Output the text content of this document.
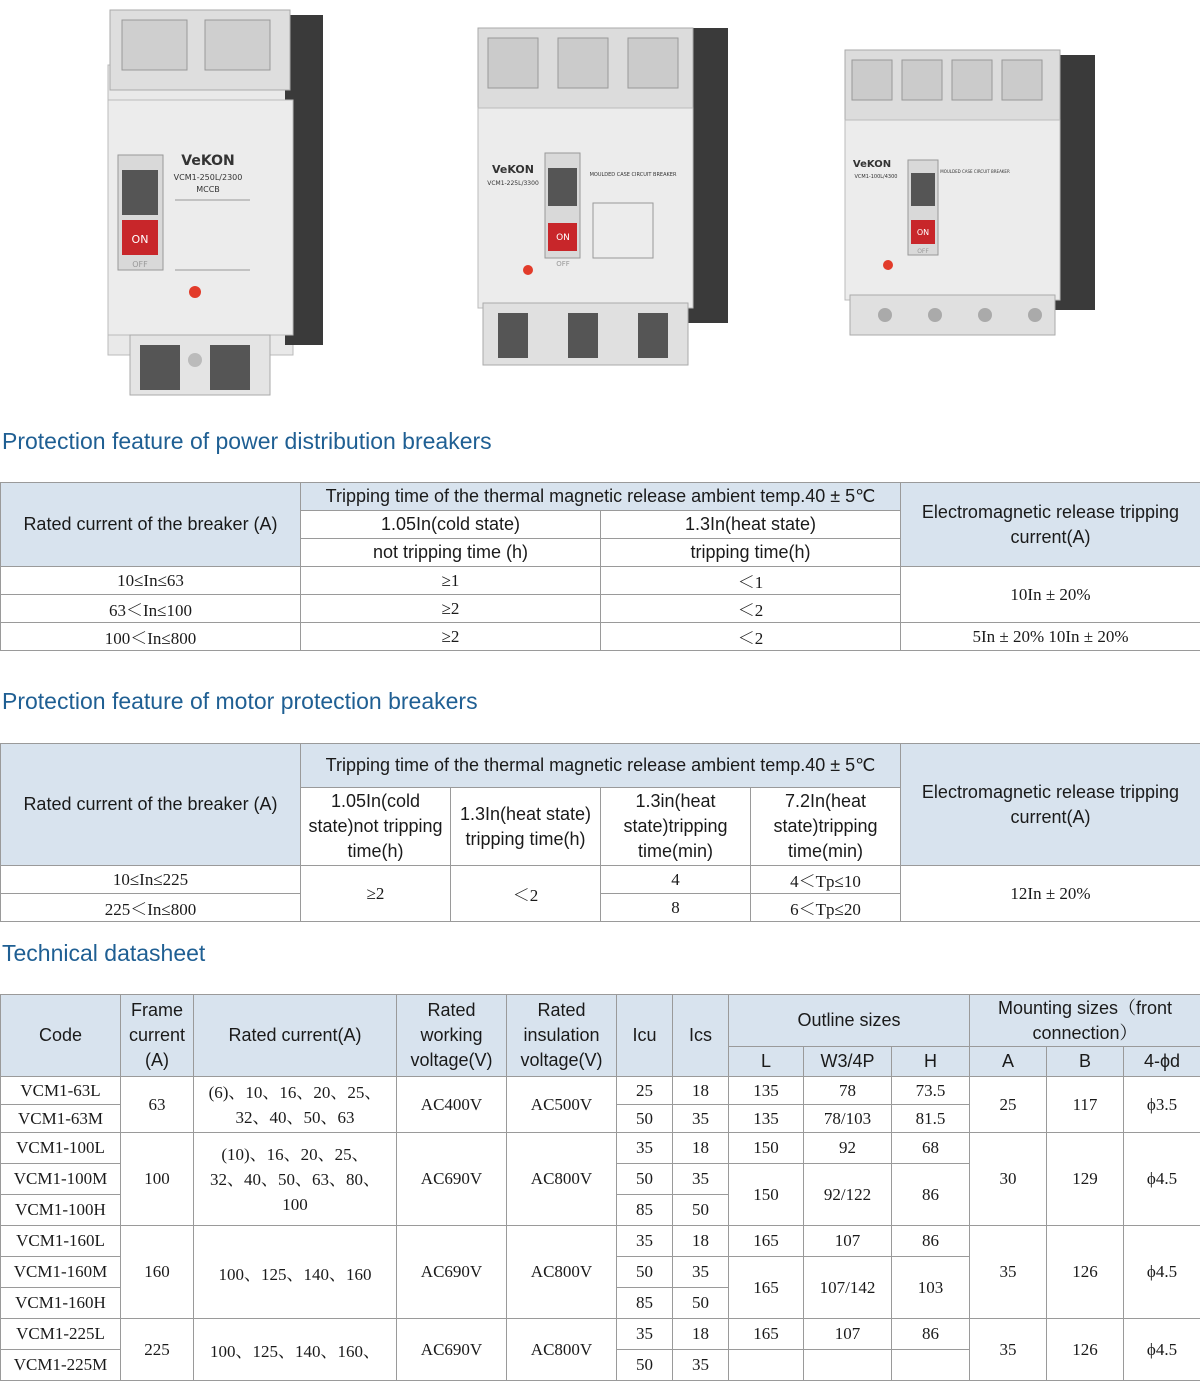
ON
OFF
VeKON
VCM1-250L/2300
MCCB
ON
OFF
VeKON
VCM1-225L/3300
MOULDED CASE CIRCUIT BREAKER
ON
OFF
VeKON
VCM1-100L/4300
MOULDED CASE CIRCUIT BREAKER
Protection feature of power distribution breakers
Rated current of the breaker (A)	Tripping time of the thermal magnetic release ambient temp.40 ± 5℃		Electromagnetic release tripping current(A)
	1.05In(cold state)	1.3In(heat state)	
	not tripping time (h)	tripping time(h)	
10≤In≤63	≥1	＜1	10In ± 20%
63＜In≤100	≥2	＜2	
100＜In≤800	≥2	＜2	5In ± 20% 10In ± 20%
Protection feature of motor protection breakers
Rated current of the breaker (A)	Tripping time of the thermal magnetic release ambient temp.40 ± 5℃				Electromagnetic release tripping current(A)
	1.05In(cold state)not tripping time(h)	1.3In(heat state) tripping time(h)	1.3in(heat state)tripping time(min)	7.2In(heat state)tripping time(min)	
10≤In≤225	≥2	＜2	4	4＜Tp≤10	12In ± 20%
225＜In≤800			8	6＜Tp≤20	
Technical datasheet
Code	Frame current (A)	Rated current(A)	Rated working voltage(V)	Rated insulation voltage(V)	Icu	Ics	Outline sizes			Mounting sizes（front connection）		
							L	W3/4P	H	A	B	4-ϕd
VCM1-63L	63	(6)、10、16、20、25、32、40、50、63	AC400V	AC500V	25	18	135	78	73.5	25	117	ϕ3.5
VCM1-63M					50	35	135	78/103	81.5			
VCM1-100L	100	(10)、16、20、25、32、40、50、63、80、100	AC690V	AC800V	35	18	150	92	68	30	129	ϕ4.5
VCM1-100M					50	35	150	92/122	86			
VCM1-100H					85	50						
VCM1-160L	160	100、125、140、160	AC690V	AC800V	35	18	165	107	86	35	126	ϕ4.5
VCM1-160M					50	35	165	107/142	103			
VCM1-160H					85	50						
VCM1-225L	225	100、125、140、160、	AC690V	AC800V	35	18	165	107	86	35	126	ϕ4.5
VCM1-225M					50	35						
